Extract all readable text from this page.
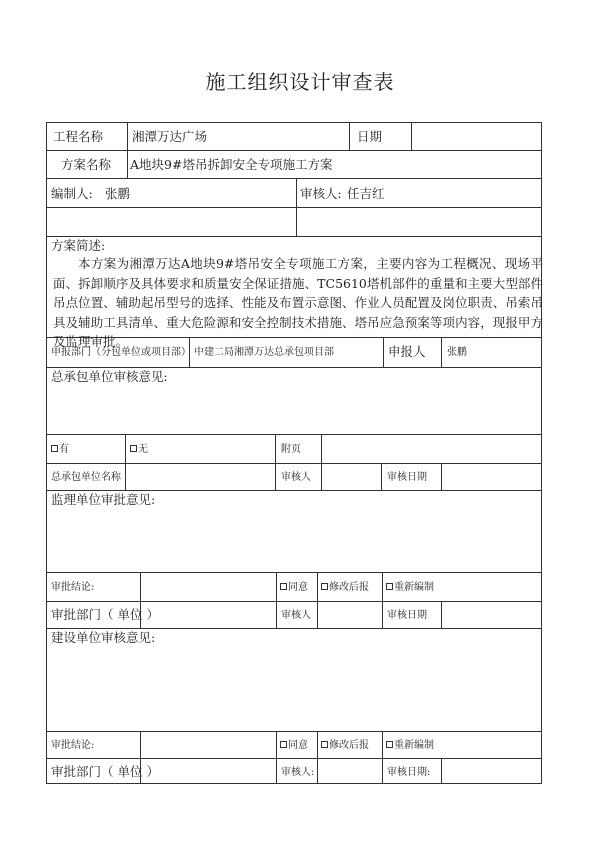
施工组织设计审查表
工程名称 湘潭万达广场	日期
方案名称 A地块9#塔吊拆卸安全专项施工方案
编制人: 张鹏	审核人: 任吉红
方案简述:
本方案为湘潭万达A地块9#塔吊安全专项施工方案，主要内容为工程概况、现场平面、拆卸顺序及具体要求和质量安全保证措施、TC5610塔机部件的重量和主要大型部件吊点位置、辅助起吊型号的选择、性能及布置示意图、作业人员配置及岗位职责、吊索吊具及辅助工具清单、重大危险源和安全控制技术措施、塔吊应急预案等项内容，现报甲方及监理审批。
申报部门（分包单位或项目部） 中建二局湘潭万达总承包项目部	申报人 张鹏
总承包单位审核意见:
有	无	附页
总承包单位名称	审核人	审核日期
监理单位审批意见:
审批结论:	同意	修改后报	重新编制
审批部门（ 单位 ）	审核人	审核日期
建设单位审核意见:
审批结论:	同意	修改后报	重新编制
审批部门（ 单位 ）	审核人:	审核日期:
